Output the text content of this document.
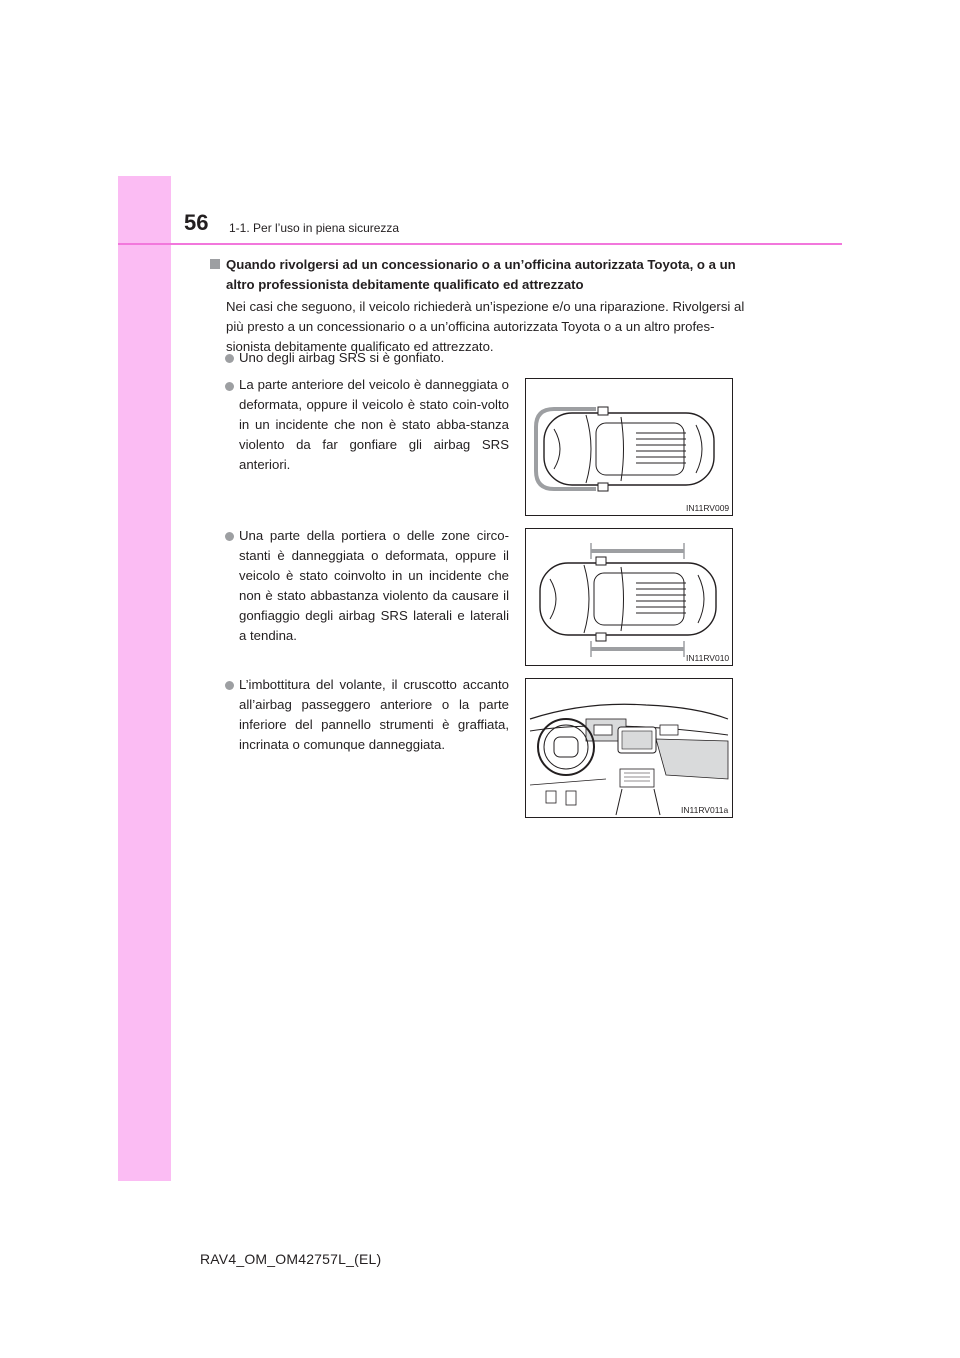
56 1-1. Per l’uso in piena sicurezza
Quando rivolgersi ad un concessionario o a un’officina autorizzata Toyota, o a un altro professionista debitamente qualificato ed attrezzato
Nei casi che seguono, il veicolo richiederà un’ispezione e/o una riparazione. Rivolgersi al più presto a un concessionario o a un’officina autorizzata Toyota o a un altro profes-sionista debitamente qualificato ed attrezzato.
Uno degli airbag SRS si è gonfiato.
La parte anteriore del veicolo è danneggiata o deformata, oppure il veicolo è stato coin-volto in un incidente che non è stato abba-stanza violento da far gonfiare gli airbag SRS anteriori.
IN11RV009
Una parte della portiera o delle zone circo-stanti è danneggiata o deformata, oppure il veicolo è stato coinvolto in un incidente che non è stato abbastanza violento da causare il gonfiaggio degli airbag SRS laterali e laterali a tendina.
IN11RV010
L’imbottitura del volante, il cruscotto accanto all’airbag passeggero anteriore o la parte inferiore del pannello strumenti è graffiata, incrinata o comunque danneggiata.
IN11RV011a
RAV4_OM_OM42757L_(EL)
